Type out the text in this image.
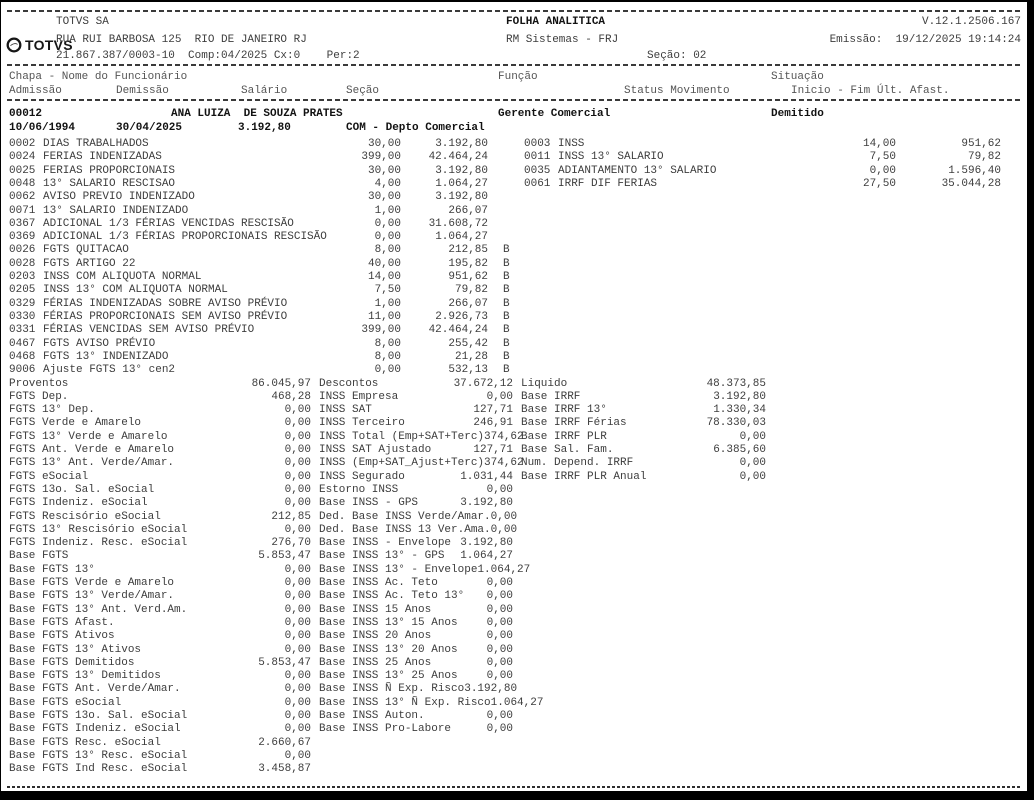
TOTVS
TOTVS SA
RUA RUI BARBOSA 125  RIO DE JANEIRO RJ
21.867.387/0003-10  Comp:04/2025 Cx:0    Per:2
FOLHA ANALITICA
RM Sistemas - FRJ
Seção: 02
V.12.1.2506.167
Emissão:  19/12/2025 19:14:24
Chapa - Nome do Funcionário	Função	Situação
Admissão	Demissão	Salário	Seção	Status Movimento	Inicio - Fim Últ. Afast.
00012	ANA LUIZA  DE SOUZA PRATES	Gerente Comercial	Demitido
10/06/1994	30/04/2025	3.192,80	COM - Depto Comercial
0002 DIAS TRABALHADOS	30,00	3.192,80
0024 FERIAS INDENIZADAS	399,00	42.464,24
0025 FERIAS PROPORCIONAIS	30,00	3.192,80
0048 13° SALARIO RESCISAO	4,00	1.064,27
0062 AVISO PREVIO INDENIZADO	30,00	3.192,80
0071 13° SALARIO INDENIZADO	1,00	266,07
0367 ADICIONAL 1/3 FÉRIAS VENCIDAS RESCISÃO	0,00	31.608,72
0369 ADICIONAL 1/3 FÉRIAS PROPORCIONAIS RESCISÃO	0,00	1.064,27
0026 FGTS QUITACAO	8,00	212,85 B
0028 FGTS ARTIGO 22	40,00	195,82 B
0203 INSS COM ALIQUOTA NORMAL	14,00	951,62 B
0205 INSS 13° COM ALIQUOTA NORMAL	7,50	79,82 B
0329 FÉRIAS INDENIZADAS SOBRE AVISO PRÉVIO	1,00	266,07 B
0330 FÉRIAS PROPORCIONAIS SEM AVISO PRÉVIO	11,00	2.926,73 B
0331 FÉRIAS VENCIDAS SEM AVISO PRÉVIO	399,00	42.464,24 B
0467 FGTS AVISO PRÉVIO	8,00	255,42 B
0468 FGTS 13° INDENIZADO	8,00	21,28 B
9006 Ajuste FGTS 13° cen2	0,00	532,13 B
0003 INSS	14,00	951,62
0011 INSS 13° SALARIO	7,50	79,82
0035 ADIANTAMENTO 13° SALARIO	0,00	1.596,40
0061 IRRF DIF FERIAS	27,50	35.044,28
Proventos	86.045,97
FGTS Dep.	468,28
FGTS 13° Dep.	0,00
FGTS Verde e Amarelo	0,00
FGTS 13° Verde e Amarelo	0,00
FGTS Ant. Verde e Amarelo	0,00
FGTS 13° Ant. Verde/Amar.	0,00
FGTS eSocial	0,00
FGTS 13o. Sal. eSocial	0,00
FGTS Indeniz. eSocial	0,00
FGTS Rescisório eSocial	212,85
FGTS 13° Rescisório eSocial	0,00
FGTS Indeniz. Resc. eSocial	276,70
Base FGTS	5.853,47
Base FGTS 13°	0,00
Base FGTS Verde e Amarelo	0,00
Base FGTS 13° Verde/Amar.	0,00
Base FGTS 13° Ant. Verd.Am.	0,00
Base FGTS Afast.	0,00
Base FGTS Ativos	0,00
Base FGTS 13° Ativos	0,00
Base FGTS Demitidos	5.853,47
Base FGTS 13° Demitidos	0,00
Base FGTS Ant. Verde/Amar.	0,00
Base FGTS eSocial	0,00
Base FGTS 13o. Sal. eSocial	0,00
Base FGTS Indeniz. eSocial	0,00
Base FGTS Resc. eSocial	2.660,67
Base FGTS 13° Resc. eSocial	0,00
Base FGTS Ind Resc. eSocial	3.458,87
Descontos	37.672,12
INSS Empresa	0,00
INSS SAT	127,71
INSS Terceiro	246,91
INSS Total (Emp+SAT+Terc) 374,62
INSS SAT Ajustado	127,71
INSS (Emp+SAT_Ajust+Terc) 374,62
INSS Segurado	1.031,44
Estorno INSS	0,00
Base INSS - GPS	3.192,80
Ded. Base INSS Verde/Amar. 0,00
Ded. Base INSS 13 Ver.Ama. 0,00
Base INSS - Envelope 3.192,80
Base INSS 13° - GPS 1.064,27
Base INSS 13° - Envelope 1.064,27
Base INSS Ac. Teto	0,00
Base INSS Ac. Teto 13° 0,00
Base INSS 15 Anos	0,00
Base INSS 13° 15 Anos	0,00
Base INSS 20 Anos	0,00
Base INSS 13° 20 Anos	0,00
Base INSS 25 Anos	0,00
Base INSS 13° 25 Anos	0,00
Base INSS Ñ Exp. Risco 3.192,80
Base INSS 13° Ñ Exp. Risco 1.064,27
Base INSS Auton.	0,00
Base INSS Pro-Labore	0,00
Liquido	48.373,85
Base IRRF	3.192,80
Base IRRF 13°	1.330,34
Base IRRF Férias	78.330,03
Base IRRF PLR	0,00
Base Sal. Fam.	6.385,60
Num. Depend. IRRF	0,00
Base IRRF PLR Anual	0,00
